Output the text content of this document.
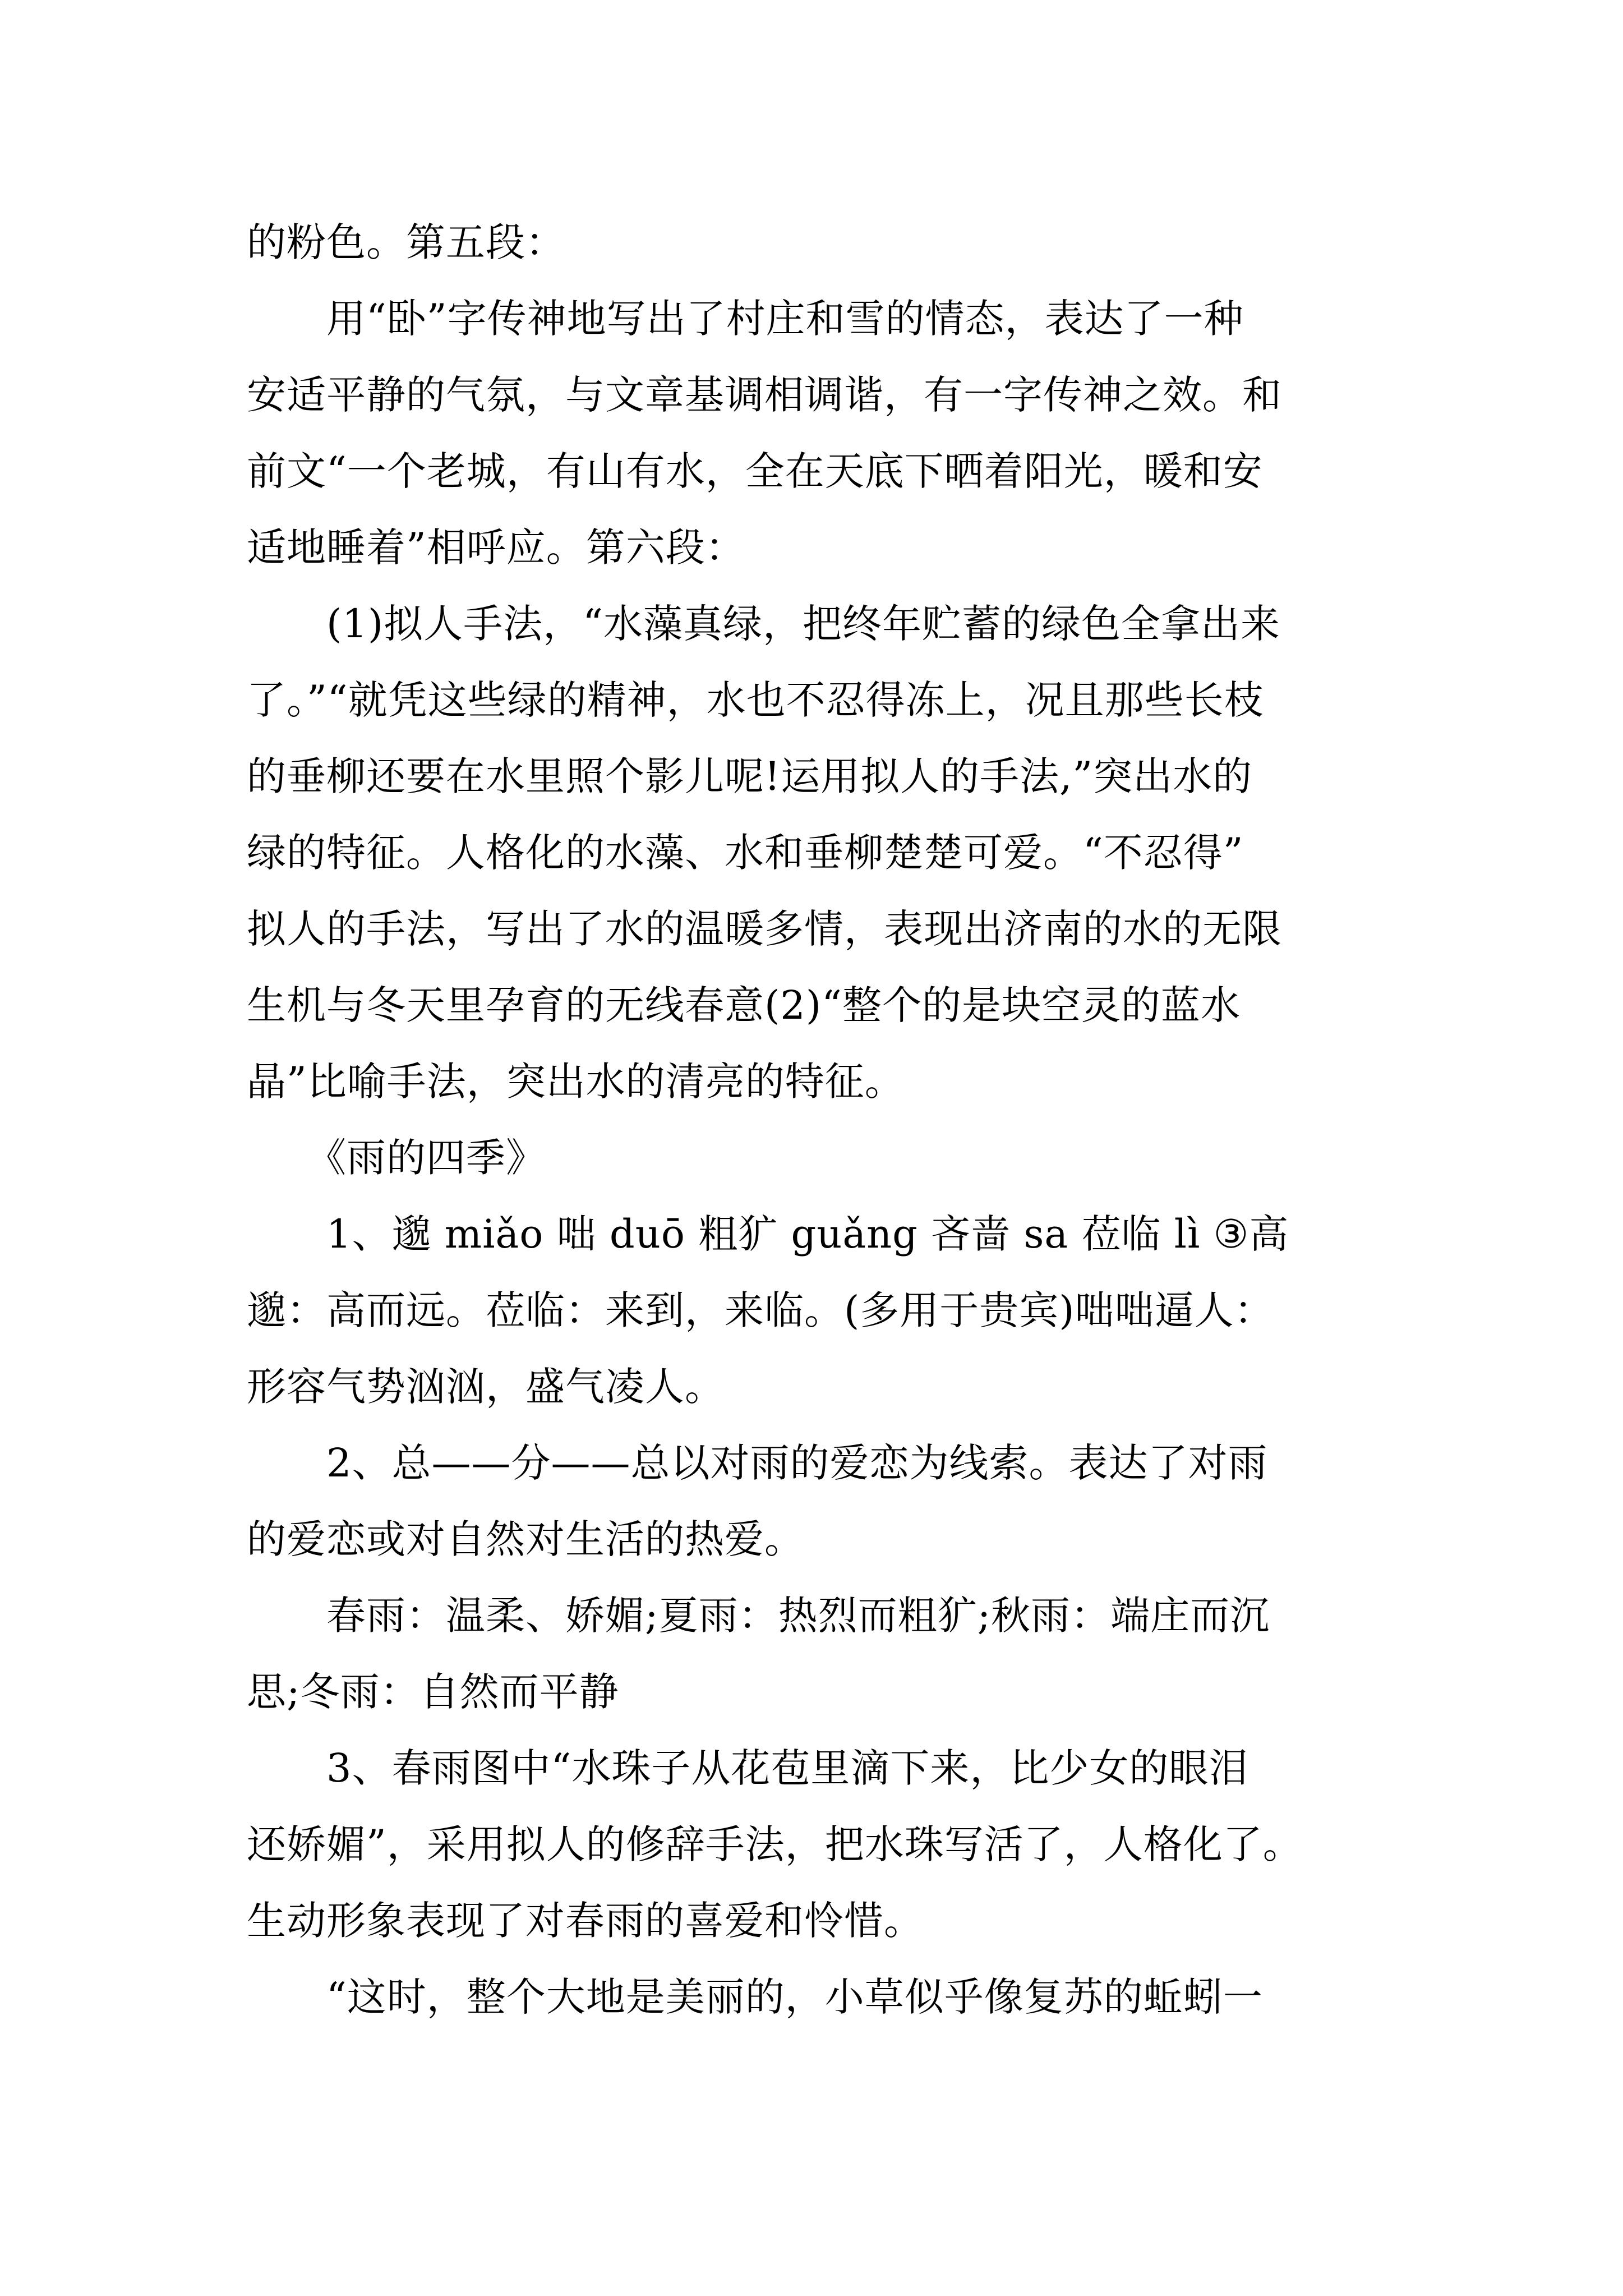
的粉色。第五段：

　　用“卧”字传神地写出了村庄和雪的情态，表达了一种

安适平静的气氛，与文章基调相调谐，有一字传神之效。和

前文“一个老城，有山有水，全在天底下晒着阳光，暖和安

适地睡着”相呼应。第六段：

　　(1)拟人手法，“水藻真绿，把终年贮蓄的绿色全拿出来

了。”“就凭这些绿的精神，水也不忍得冻上，况且那些长枝

的垂柳还要在水里照个影儿呢!运用拟人的手法,”突出水的

绿的特征。人格化的水藻、水和垂柳楚楚可爱。“不忍得”

拟人的手法，写出了水的温暖多情，表现出济南的水的无限

生机与冬天里孕育的无线春意(2)“整个的是块空灵的蓝水

晶”比喻手法，突出水的清亮的特征。

　　《雨的四季》

　　1、邈 miǎo 咄 duō 粗犷 guǎng 吝啬 sa 莅临 lì ③高

邈：高而远。莅临：来到，来临。(多用于贵宾)咄咄逼人：

形容气势汹汹，盛气凌人。

　　2、总——分——总以对雨的爱恋为线索。表达了对雨

的爱恋或对自然对生活的热爱。

　　春雨：温柔、娇媚;夏雨：热烈而粗犷;秋雨：端庄而沉

思;冬雨：自然而平静

　　3、春雨图中“水珠子从花苞里滴下来，比少女的眼泪

还娇媚”，采用拟人的修辞手法，把水珠写活了，人格化了。

生动形象表现了对春雨的喜爱和怜惜。

　　“这时，整个大地是美丽的，小草似乎像复苏的蚯蚓一
